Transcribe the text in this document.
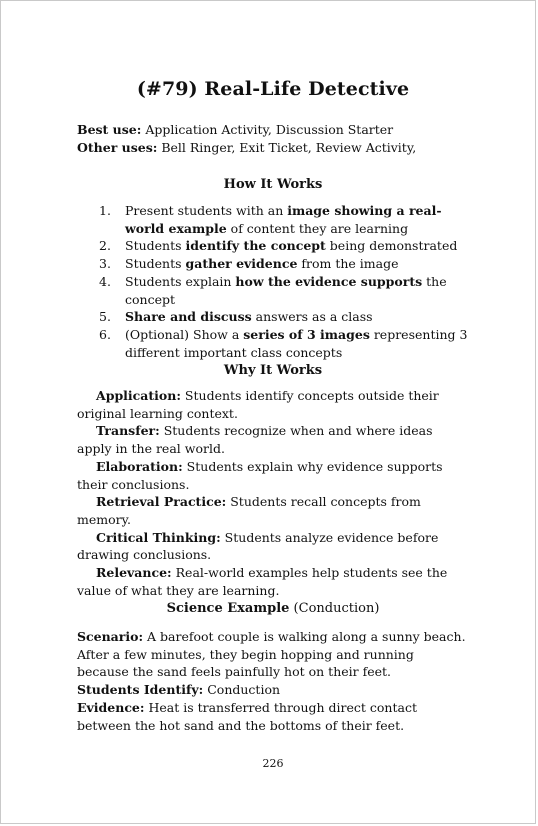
(#79) Real-Life Detective
Best use: Application Activity, Discussion Starter
Other uses: Bell Ringer, Exit Ticket, Review Activity,
How It Works
1. Present students with an image showing a real-world example of content they are learning
2. Students identify the concept being demonstrated
3. Students gather evidence from the image
4. Students explain how the evidence supports the concept
5. Share and discuss answers as a class
6. (Optional) Show a series of 3 images representing 3 different important class concepts
Why It Works

Application: Students identify concepts outside their original learning context.

Transfer: Students recognize when and where ideas apply in the real world.

Elaboration: Students explain why evidence supports their conclusions.

Retrieval Practice: Students recall concepts from memory.

Critical Thinking: Students analyze evidence before drawing conclusions.

Relevance: Real-world examples help students see the value of what they are learning.

Science Example (Conduction)

Scenario: A barefoot couple is walking along a sunny beach. After a few minutes, they begin hopping and running because the sand feels painfully hot on their feet.

Students Identify: Conduction

Evidence: Heat is transferred through direct contact between the hot sand and the bottoms of their feet.

226
